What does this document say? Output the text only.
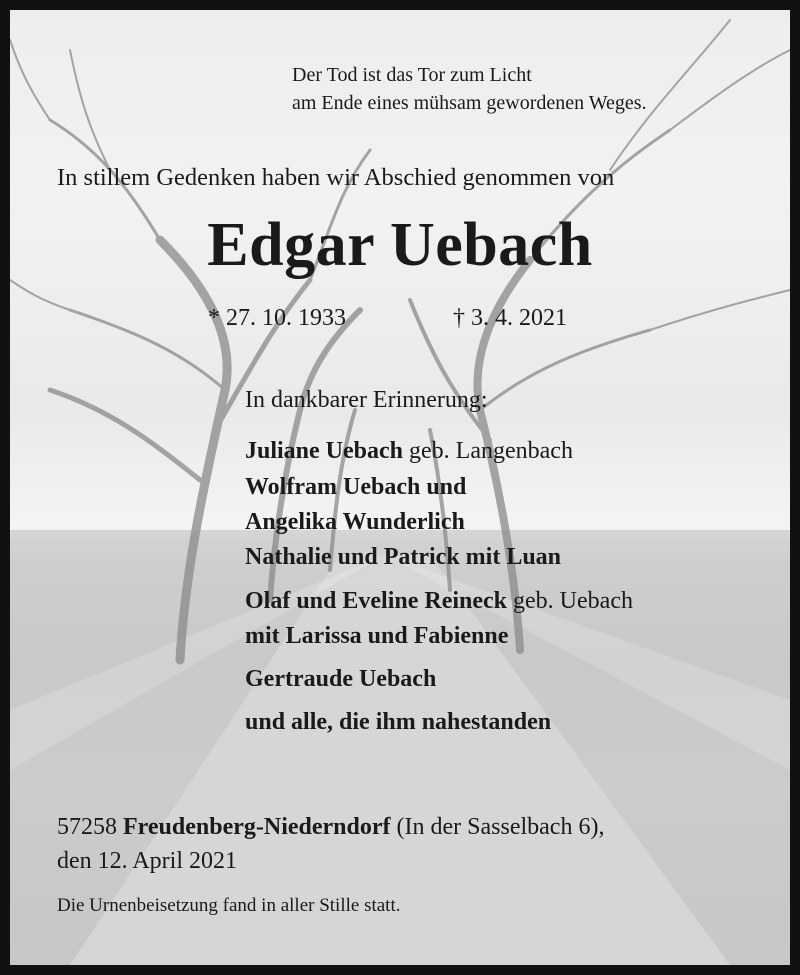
Der Tod ist das Tor zum Licht
am Ende eines mühsam gewordenen Weges.
In stillem Gedenken haben wir Abschied genommen von
Edgar Uebach
* 27. 10. 1933	† 3. 4. 2021
In dankbarer Erinnerung:
Juliane Uebach geb. Langenbach
Wolfram Uebach und
Angelika Wunderlich
Nathalie und Patrick mit Luan
Olaf und Eveline Reineck geb. Uebach
mit Larissa und Fabienne
Gertraude Uebach
und alle, die ihm nahestanden
57258 Freudenberg-Niederndorf (In der Sasselbach 6),
den 12. April 2021
Die Urnenbeisetzung fand in aller Stille statt.
